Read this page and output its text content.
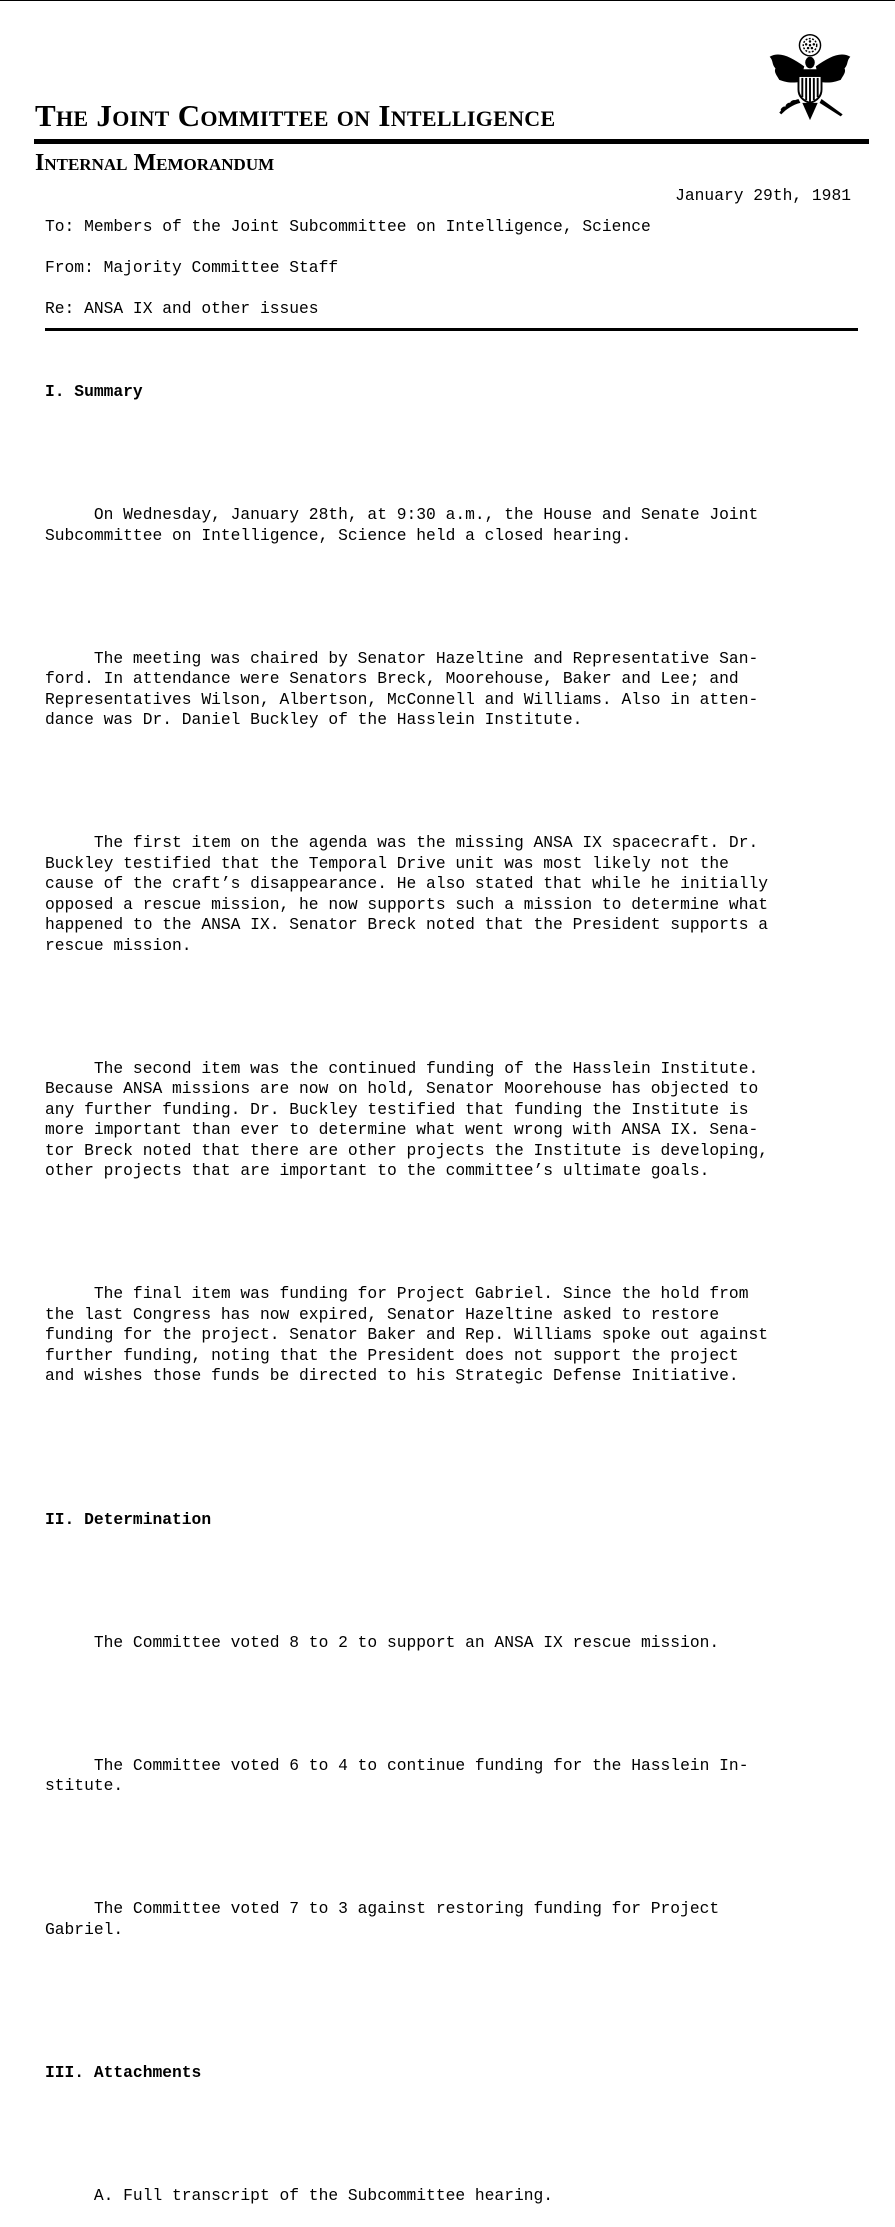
The Joint Committee on Intelligence
Internal Memorandum
January 29th, 1981
To: Members of the Joint Subcommittee on Intelligence, Science
From: Majority Committee Staff
Re: ANSA IX and other issues

I. Summary

On Wednesday, January 28th, at 9:30 a.m., the House and Senate Joint
Subcommittee on Intelligence, Science held a closed hearing.

The meeting was chaired by Senator Hazeltine and Representative San-
ford. In attendance were Senators Breck, Moorehouse, Baker and Lee; and
Representatives Wilson, Albertson, McConnell and Williams. Also in atten-
dance was Dr. Daniel Buckley of the Hasslein Institute.

The first item on the agenda was the missing ANSA IX spacecraft. Dr.
Buckley testified that the Temporal Drive unit was most likely not the
cause of the craft’s disappearance. He also stated that while he initially
opposed a rescue mission, he now supports such a mission to determine what
happened to the ANSA IX. Senator Breck noted that the President supports a
rescue mission.

The second item was the continued funding of the Hasslein Institute.
Because ANSA missions are now on hold, Senator Moorehouse has objected to
any further funding. Dr. Buckley testified that funding the Institute is
more important than ever to determine what went wrong with ANSA IX. Sena-
tor Breck noted that there are other projects the Institute is developing,
other projects that are important to the committee’s ultimate goals.

The final item was funding for Project Gabriel. Since the hold from
the last Congress has now expired, Senator Hazeltine asked to restore
funding for the project. Senator Baker and Rep. Williams spoke out against
further funding, noting that the President does not support the project
and wishes those funds be directed to his Strategic Defense Initiative.

II. Determination

The Committee voted 8 to 2 to support an ANSA IX rescue mission.

The Committee voted 6 to 4 to continue funding for the Hasslein In-
stitute.

The Committee voted 7 to 3 against restoring funding for Project
Gabriel.

III. Attachments

A. Full transcript of the Subcommittee hearing.
